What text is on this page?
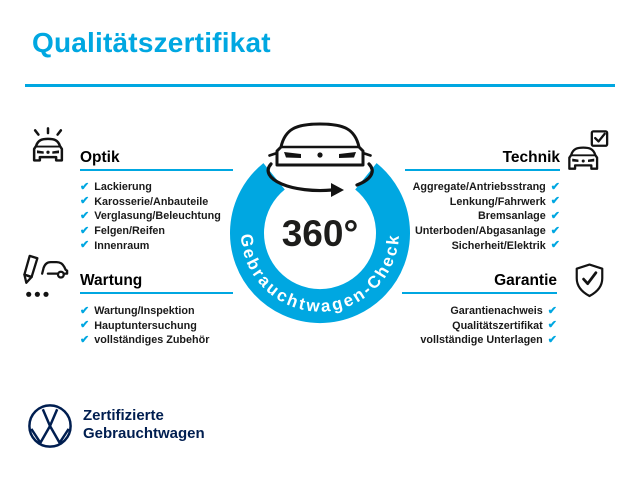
Qualitätszertifikat
Optik
✔ Lackierung
✔ Karosserie/Anbauteile
✔ Verglasung/Beleuchtung
✔ Felgen/Reifen
✔ Innenraum
Technik
✔
Aggregate/Antriebsstrang
✔
Lenkung/Fahrwerk
✔
Bremsanlage
✔
Unterboden/Abgasanlage
✔
Sicherheit/Elektrik
Wartung
✔ Wartung/Inspektion
✔ Hauptuntersuchung
✔ vollständiges Zubehör
Garantie
✔
Garantienachweis
✔
Qualitätszertifikat
✔
vollständige Unterlagen
Gebrauchtwagen-Check
360°
Zertifizierte
Gebrauchtwagen
